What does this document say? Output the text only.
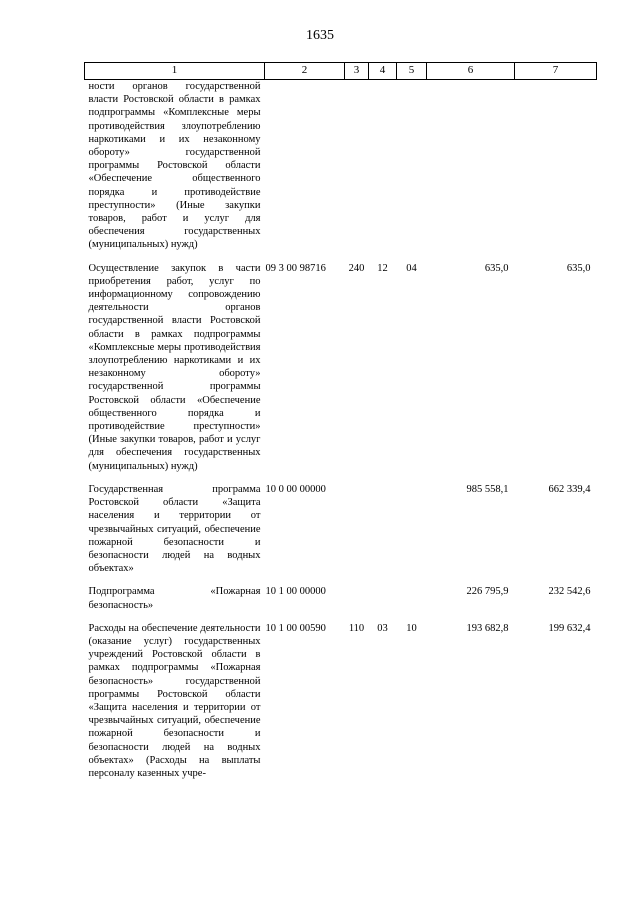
1635
1	2	3	4	5	6	7
ности органов государственной власти Ростовской области в рамках подпрограммы «Комплексные меры противодействия злоупотреблению наркотиками и их незаконному обороту» государственной программы Ростовской области «Обеспечение общественного порядка и противодействие преступности» (Иные закупки товаров, работ и услуг для обеспечения государственных (муниципальных) нужд)						

Осуществление закупок в части приобретения работ, услуг по информационному сопровождению деятельности органов государственной власти Ростовской области в рамках подпрограммы «Комплексные меры противодействия злоупотреблению наркотиками и их незаконному обороту» государственной программы Ростовской области «Обеспечение общественного порядка и противодействие преступности» (Иные закупки товаров, работ и услуг для обеспечения государственных (муниципальных) нужд)	09 3 00 98716	240	12	04	635,0	635,0

Государственная программа Ростовской области «Защита населения и территории от чрезвычайных ситуаций, обеспечение пожарной безопасности и безопасности людей на водных объектах»	10 0 00 00000				985 558,1	662 339,4

Подпрограмма «Пожарная безопасность»	10 1 00 00000				226 795,9	232 542,6

Расходы на обеспечение деятельности (оказание услуг) государственных учреждений Ростовской области в рамках подпрограммы «Пожарная безопасность» государственной программы Ростовской области «Защита населения и территории от чрезвычайных ситуаций, обеспечение пожарной безопасности и безопасности людей на водных объектах» (Расходы на выплаты персоналу казенных учре-	10 1 00 00590	110	03	10	193 682,8	199 632,4
